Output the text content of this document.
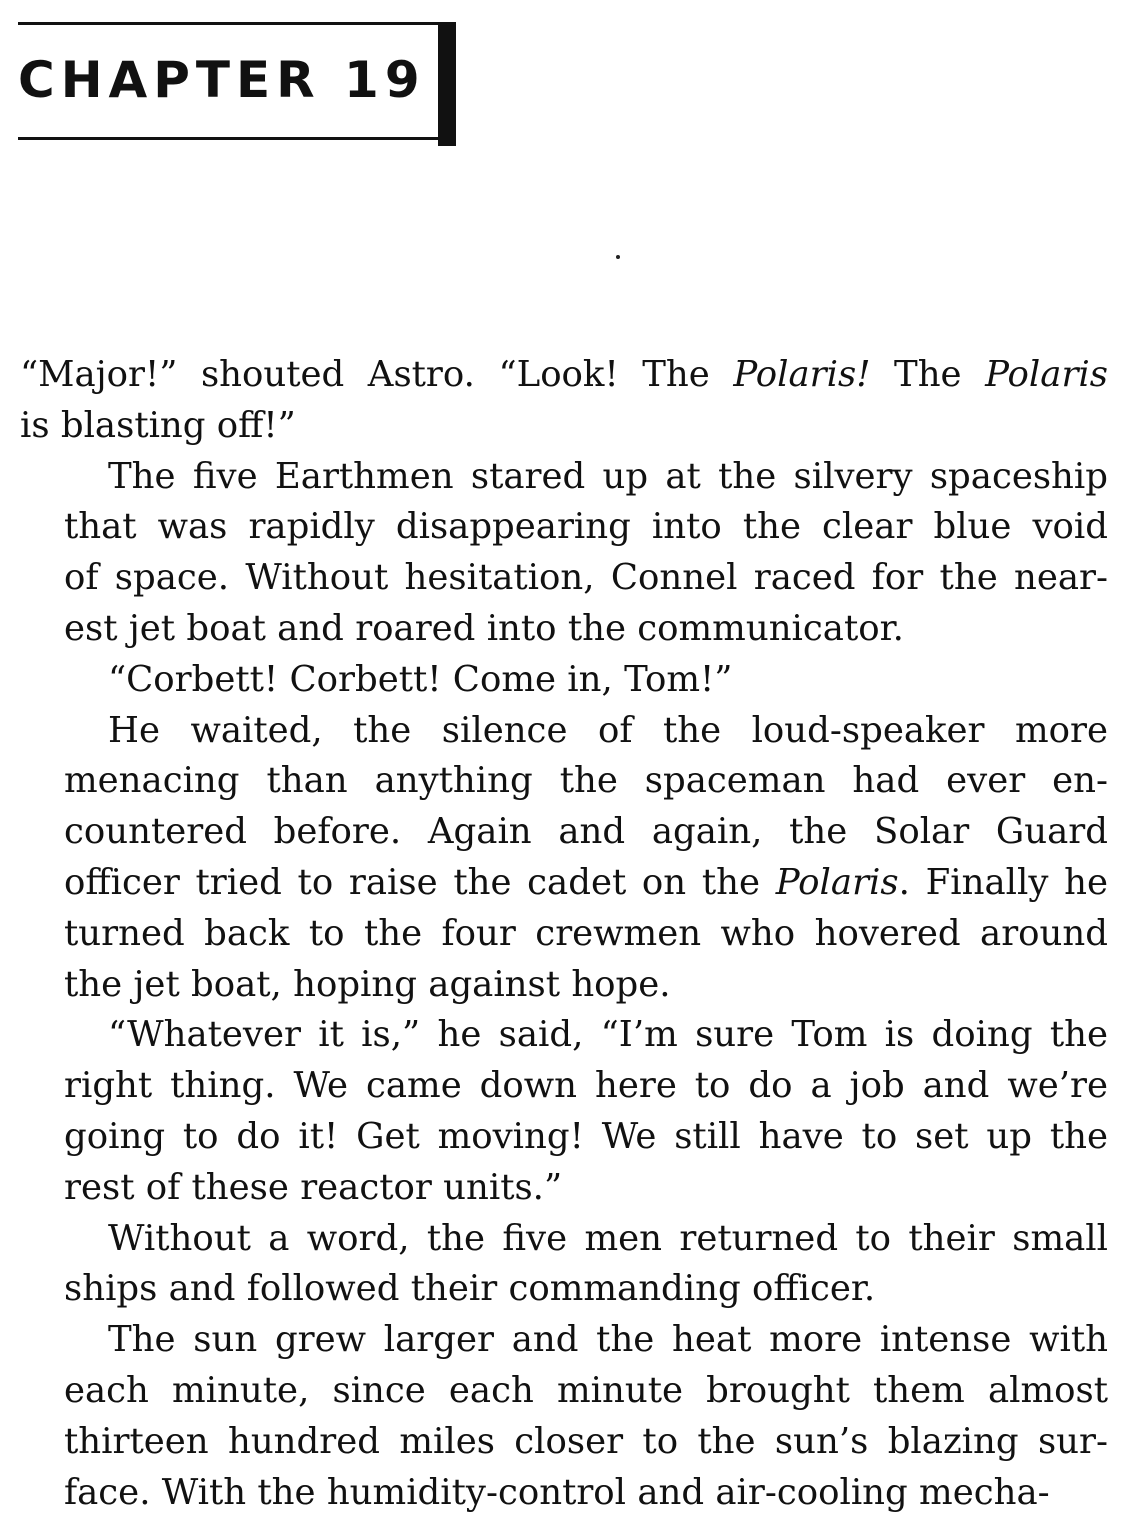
CHAPTER 19

“Major!” shouted Astro. “Look! The Polaris! The Polaris
is blasting off!”

The five Earthmen stared up at the silvery spaceship
that was rapidly disappearing into the clear blue void
of space. Without hesitation, Connel raced for the near-
est jet boat and roared into the communicator.

“Corbett! Corbett! Come in, Tom!”

He waited, the silence of the loud-speaker more
menacing than anything the spaceman had ever en-
countered before. Again and again, the Solar Guard
officer tried to raise the cadet on the Polaris. Finally he
turned back to the four crewmen who hovered around
the jet boat, hoping against hope.

“Whatever it is,” he said, “I’m sure Tom is doing the
right thing. We came down here to do a job and we’re
going to do it! Get moving! We still have to set up the
rest of these reactor units.”

Without a word, the five men returned to their small
ships and followed their commanding officer.

The sun grew larger and the heat more intense with
each minute, since each minute brought them almost
thirteen hundred miles closer to the sun’s blazing sur-
face. With the humidity-control and air-cooling mecha-
